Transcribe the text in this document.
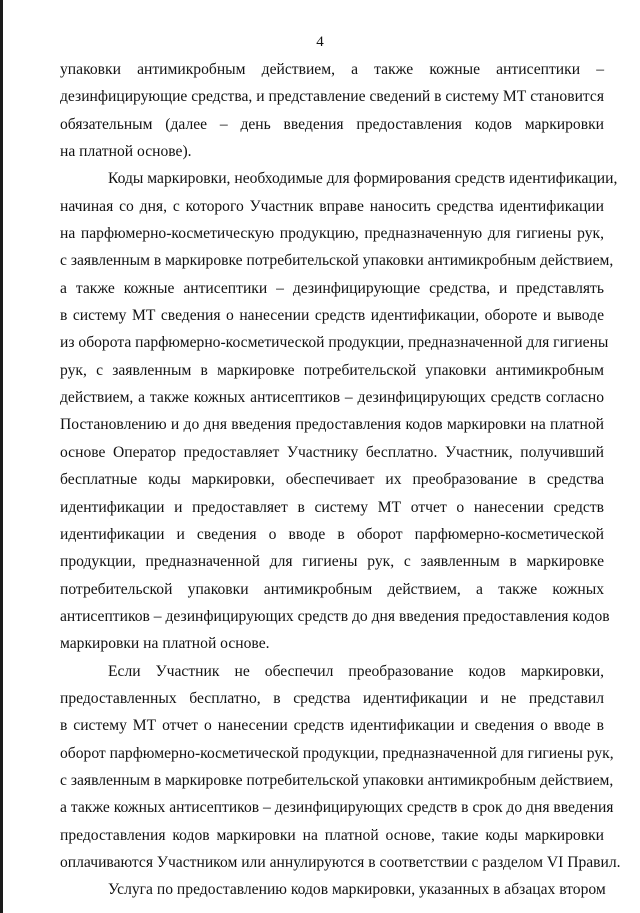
4
упаковки антимикробным действием, а также кожные антисептики –
дезинфицирующие средства, и представление сведений в систему МТ становится
обязательным (далее – день введения предоставления кодов маркировки
на платной основе).
Коды маркировки, необходимые для формирования средств идентификации,
начиная со дня, с которого Участник вправе наносить средства идентификации
на парфюмерно-косметическую продукцию, предназначенную для гигиены рук,
с заявленным в маркировке потребительской упаковки антимикробным действием,
а также кожные антисептики – дезинфицирующие средства, и представлять
в систему МТ сведения о нанесении средств идентификации, обороте и выводе
из оборота парфюмерно-косметической продукции, предназначенной для гигиены
рук, с заявленным в маркировке потребительской упаковки антимикробным
действием, а также кожных антисептиков – дезинфицирующих средств согласно
Постановлению и до дня введения предоставления кодов маркировки на платной
основе Оператор предоставляет Участнику бесплатно. Участник, получивший
бесплатные коды маркировки, обеспечивает их преобразование в средства
идентификации и предоставляет в систему МТ отчет о нанесении средств
идентификации и сведения о вводе в оборот парфюмерно-косметической
продукции, предназначенной для гигиены рук, с заявленным в маркировке
потребительской упаковки антимикробным действием, а также кожных
антисептиков – дезинфицирующих средств до дня введения предоставления кодов
маркировки на платной основе.
Если Участник не обеспечил преобразование кодов маркировки,
предоставленных бесплатно, в средства идентификации и не представил
в систему МТ отчет о нанесении средств идентификации и сведения о вводе в
оборот парфюмерно-косметической продукции, предназначенной для гигиены рук,
с заявленным в маркировке потребительской упаковки антимикробным действием,
а также кожных антисептиков – дезинфицирующих средств в срок до дня введения
предоставления кодов маркировки на платной основе, такие коды маркировки
оплачиваются Участником или аннулируются в соответствии с разделом VI Правил.
Услуга по предоставлению кодов маркировки, указанных в абзацах втором
